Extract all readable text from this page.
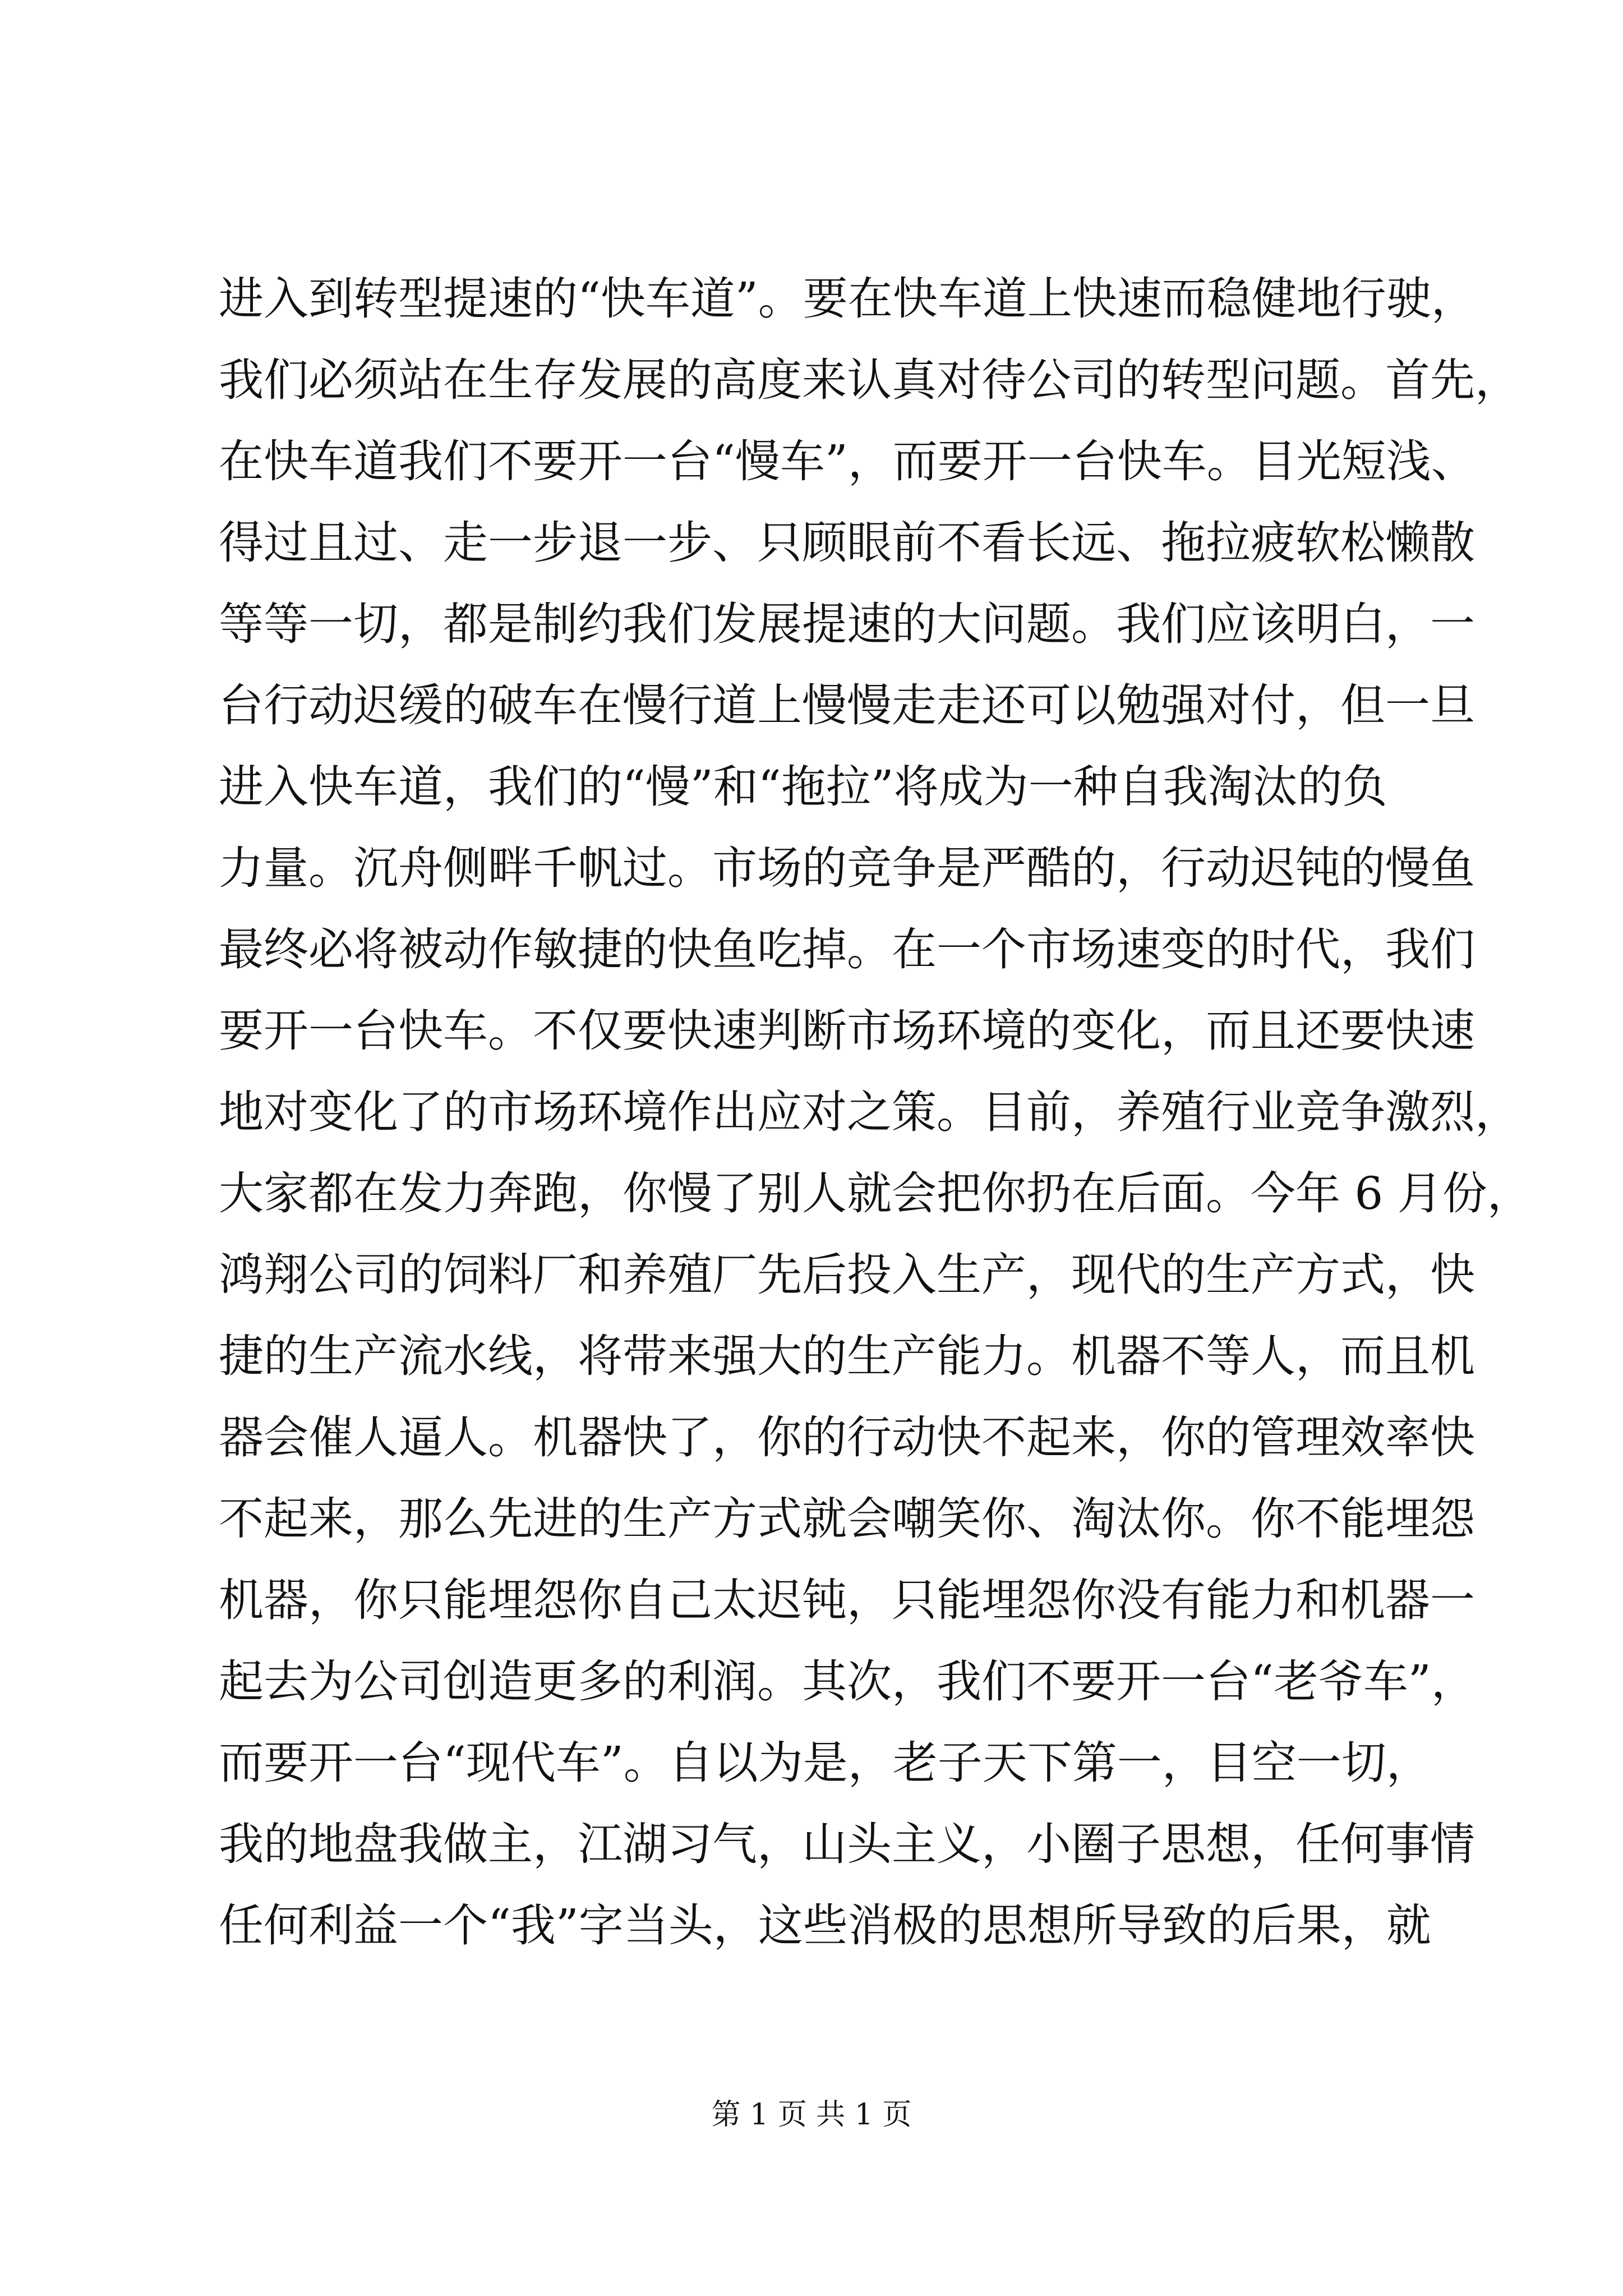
进入到转型提速的“快车道”。要在快车道上快速而稳健地行驶，
我们必须站在生存发展的高度来认真对待公司的转型问题。首先，
在快车道我们不要开一台“慢车”，而要开一台快车。目光短浅、
得过且过、走一步退一步、只顾眼前不看长远、拖拉疲软松懒散
等等一切，都是制约我们发展提速的大问题。我们应该明白，一
台行动迟缓的破车在慢行道上慢慢走走还可以勉强对付，但一旦
进入快车道，我们的“慢”和“拖拉”将成为一种自我淘汰的负
力量。沉舟侧畔千帆过。市场的竞争是严酷的，行动迟钝的慢鱼
最终必将被动作敏捷的快鱼吃掉。在一个市场速变的时代，我们
要开一台快车。不仅要快速判断市场环境的变化，而且还要快速
地对变化了的市场环境作出应对之策。目前，养殖行业竞争激烈，
大家都在发力奔跑，你慢了别人就会把你扔在后面。今年 6 月份，
鸿翔公司的饲料厂和养殖厂先后投入生产，现代的生产方式，快
捷的生产流水线，将带来强大的生产能力。机器不等人，而且机
器会催人逼人。机器快了，你的行动快不起来，你的管理效率快
不起来，那么先进的生产方式就会嘲笑你、淘汰你。你不能埋怨
机器，你只能埋怨你自己太迟钝，只能埋怨你没有能力和机器一
起去为公司创造更多的利润。其次，我们不要开一台“老爷车”，
而要开一台“现代车”。自以为是，老子天下第一，目空一切，
我的地盘我做主，江湖习气，山头主义，小圈子思想，任何事情
任何利益一个“我”字当头，这些消极的思想所导致的后果，就
第 1 页 共 1 页
